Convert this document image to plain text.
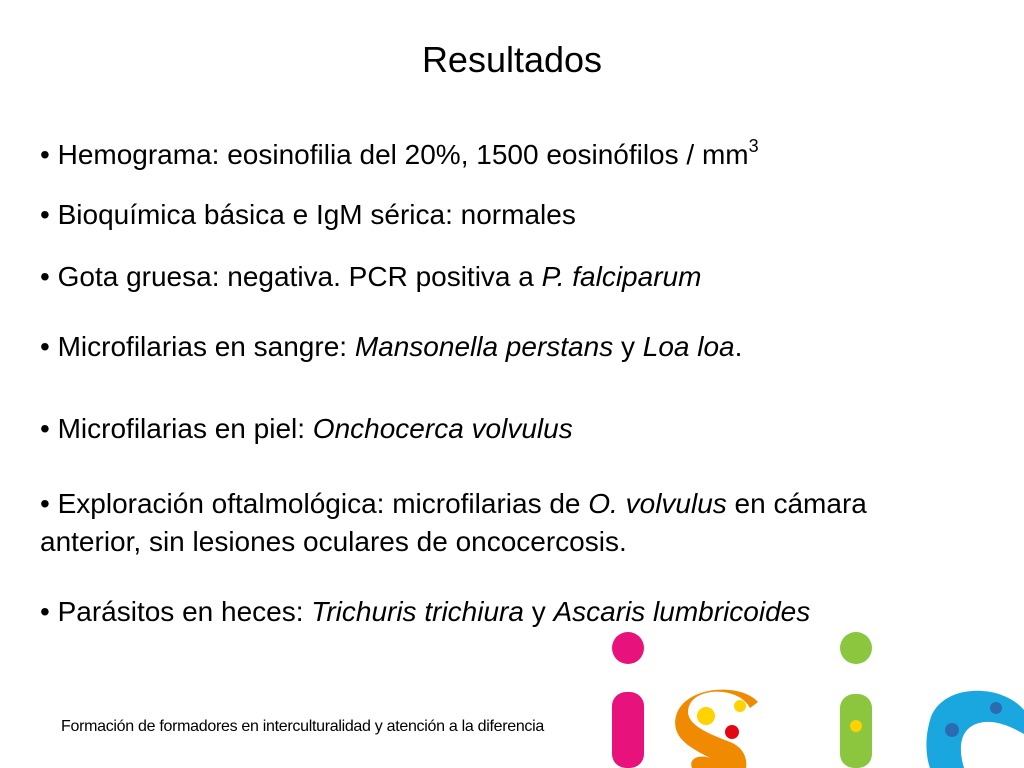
Resultados
• Hemograma: eosinofilia del 20%, 1500 eosinófilos / $mm^3$
• Bioquímica básica e IgM sérica: normales
• Gota gruesa: negativa. PCR positiva a P. falciparum
• Microfilarias en sangre: Mansonella perstans y Loa loa.
• Microfilarias en piel: Onchocerca volvulus
• Exploración oftalmológica: microfilarias de O. volvulus en cámara anterior, sin lesiones oculares de oncocercosis.
• Parásitos en heces: Trichuris trichiura y Ascaris lumbricoides
Formación de formadores en interculturalidad y atención a la diferencia
